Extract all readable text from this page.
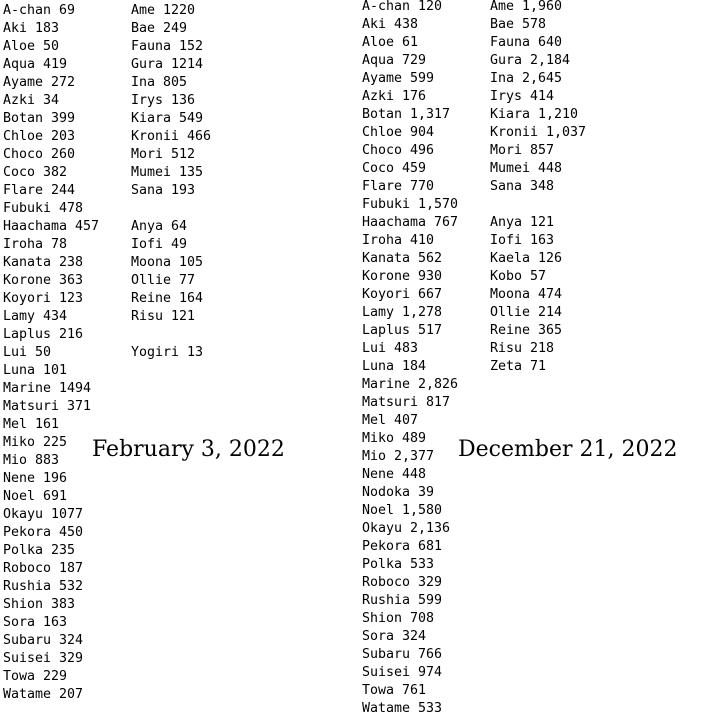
A-chan 69
Aki 183
Aloe 50
Aqua 419
Ayame 272
Azki 34
Botan 399
Chloe 203
Choco 260
Coco 382
Flare 244
Fubuki 478
Haachama 457
Iroha 78
Kanata 238
Korone 363
Koyori 123
Lamy 434
Laplus 216
Lui 50
Luna 101
Marine 1494
Matsuri 371
Mel 161
Miko 225
Mio 883
Nene 196
Noel 691
Okayu 1077
Pekora 450
Polka 235
Roboco 187
Rushia 532
Shion 383
Sora 163
Subaru 324
Suisei 329
Towa 229
Watame 207
Ame 1220
Bae 249
Fauna 152
Gura 1214
Ina 805
Irys 136
Kiara 549
Kronii 466
Mori 512
Mumei 135
Sana 193
Anya 64
Iofi 49
Moona 105
Ollie 77
Reine 164
Risu 121
Yogiri 13
February 3, 2022
A-chan 120
Aki 438
Aloe 61
Aqua 729
Ayame 599
Azki 176
Botan 1,317
Chloe 904
Choco 496
Coco 459
Flare 770
Fubuki 1,570
Haachama 767
Iroha 410
Kanata 562
Korone 930
Koyori 667
Lamy 1,278
Laplus 517
Lui 483
Luna 184
Marine 2,826
Matsuri 817
Mel 407
Miko 489
Mio 2,377
Nene 448
Nodoka 39
Noel 1,580
Okayu 2,136
Pekora 681
Polka 533
Roboco 329
Rushia 599
Shion 708
Sora 324
Subaru 766
Suisei 974
Towa 761
Watame 533
Ame 1,960
Bae 578
Fauna 640
Gura 2,184
Ina 2,645
Irys 414
Kiara 1,210
Kronii 1,037
Mori 857
Mumei 448
Sana 348
Anya 121
Iofi 163
Kaela 126
Kobo 57
Moona 474
Ollie 214
Reine 365
Risu 218
Zeta 71
December 21, 2022
